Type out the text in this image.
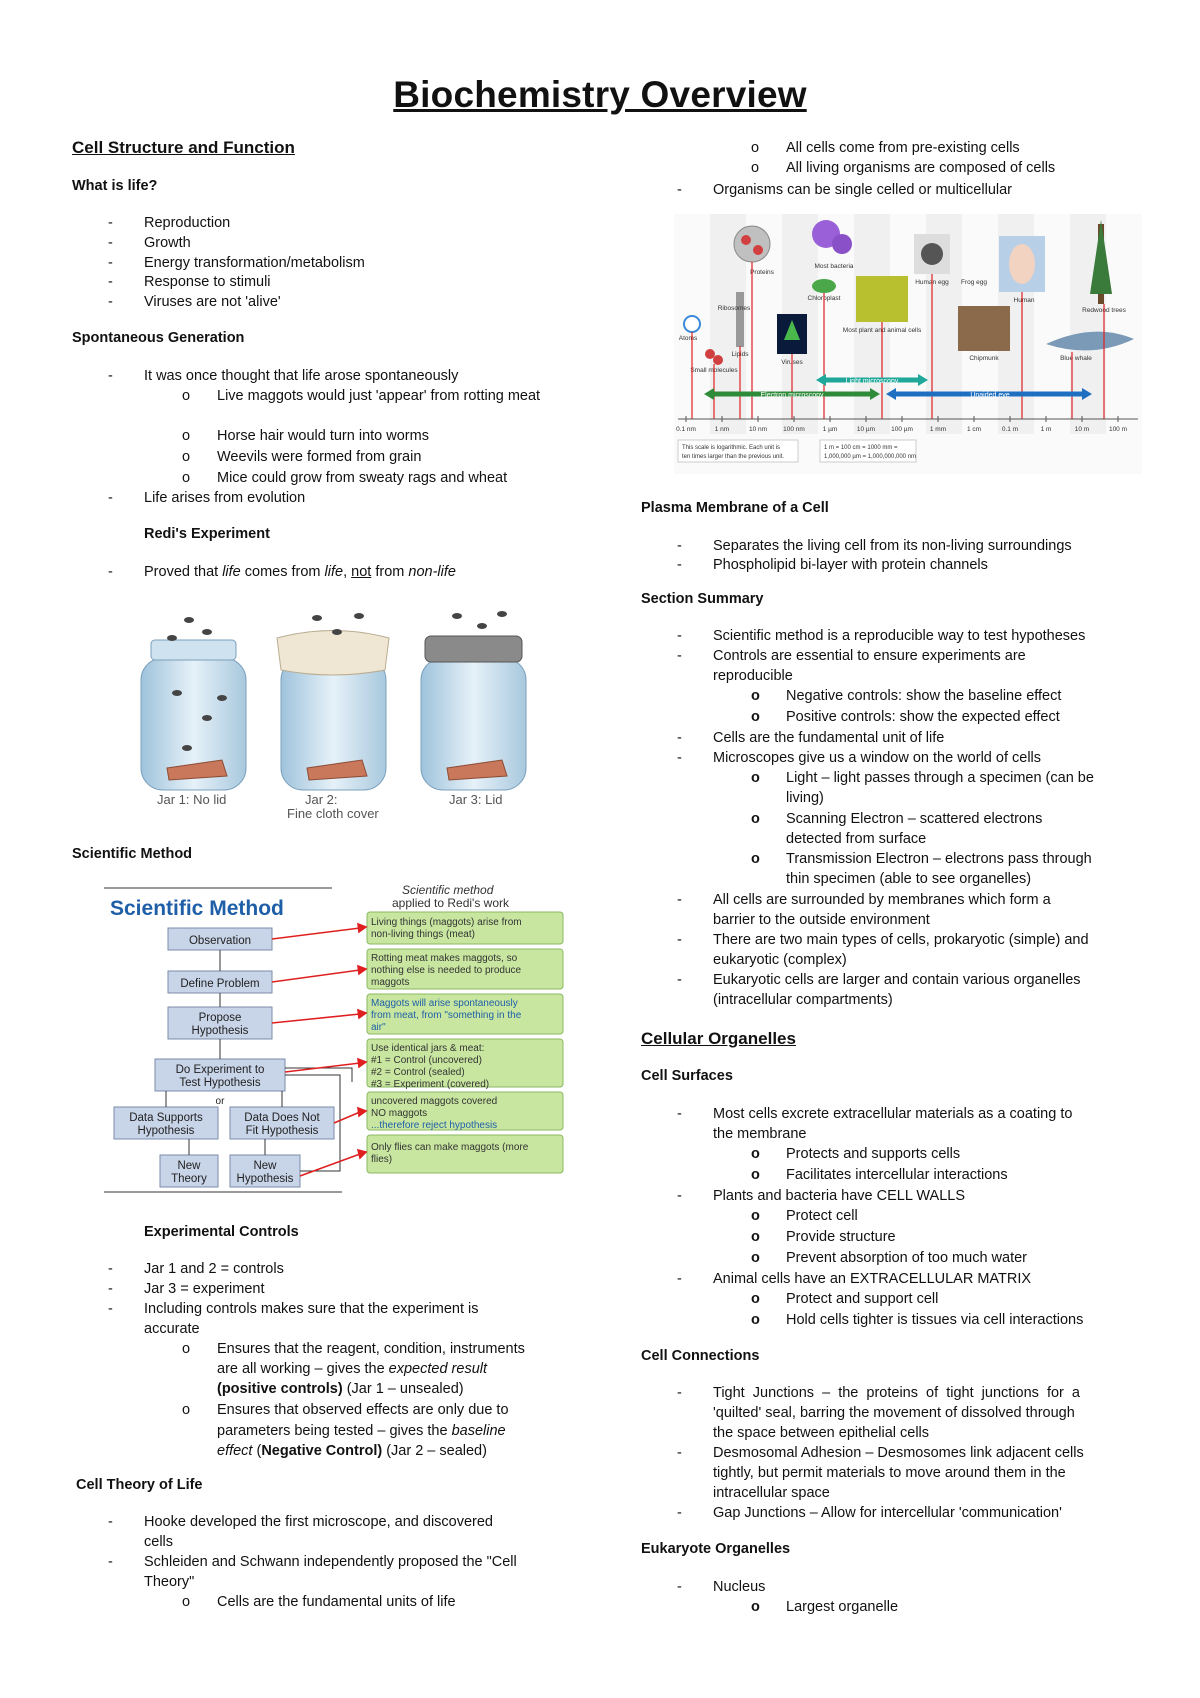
Biochemistry Overview
Cell Structure and Function
What is life?
- Reproduction
- Growth
- Energy transformation/metabolism
- Response to stimuli
- Viruses are not 'alive'
Spontaneous Generation
- It was once thought that life arose spontaneously
o Live maggots would just 'appear' from rotting meat
o Horse hair would turn into worms
o Weevils were formed from grain
o Mice could grow from sweaty rags and wheat
- Life arises from evolution
Redi's Experiment
- Proved that life comes from life, not from non-life
Jar 1: No lid	Jar 2:
Fine cloth cover
Jar 3: Lid
Scientific Method
Scientific Method
Scientific method
applied to Redi's work
Observation
Define Problem
Propose
Hypothesis
Do Experiment to
Test Hypothesis
or
Data Supports
Hypothesis
Data Does Not
Fit Hypothesis
New
Theory
New
Hypothesis
Living things (maggots) arise from
non-living things (meat)
Rotting meat makes maggots, so
nothing else is needed to produce
maggots
Maggots will arise spontaneously
from meat, from "something in the
air"
Use identical jars & meat:
#1 = Control (uncovered)
#2 = Control (sealed)
#3 = Experiment (covered)
uncovered maggots covered
NO maggots
...therefore reject hypothesis
Only flies can make maggots (more
flies)
Experimental Controls
- Jar 1 and 2 = controls
- Jar 3 = experiment
- Including controls makes sure that the experiment is
accurate
o Ensures that the reagent, condition, instruments
are all working – gives the expected result
(positive controls) (Jar 1 – unsealed)
o Ensures that observed effects are only due to
parameters being tested – gives the baseline
effect (Negative Control) (Jar 2 – sealed)
Cell Theory of Life
- Hooke developed the first microscope, and discovered
cells
- Schleiden and Schwann independently proposed the "Cell
Theory"
o Cells are the fundamental units of life
o All cells come from pre-existing cells
o All living organisms are composed of cells
- Organisms can be single celled or multicellular
Atoms
Small molecules
Lipids
Proteins
Ribosomes
Viruses
Most bacteria
Chloroplast
Most plant and animal cells
Human egg Frog egg
Chipmunk
Human
Blue whale
Redwood trees
Light microscopy
Electron microscopy	Unaided eye
0.1 nm	1 nm	10 nm 100 nm	1 µm	10 µm 100 µm	1 mm	1 cm	0.1 m	1 m	10 m	100 m
This scale is logarithmic. Each unit is
ten times larger than the previous unit.
1 m = 100 cm = 1000 mm =
1,000,000 µm = 1,000,000,000 nm
Plasma Membrane of a Cell
- Separates the living cell from its non-living surroundings
- Phospholipid bi-layer with protein channels
Section Summary
- Scientific method is a reproducible way to test hypotheses
- Controls are essential to ensure experiments are
reproducible
o Negative controls: show the baseline effect
o Positive controls: show the expected effect
- Cells are the fundamental unit of life
- Microscopes give us a window on the world of cells
o Light – light passes through a specimen (can be
living)
o Scanning Electron – scattered electrons
detected from surface
o Transmission Electron – electrons pass through
thin specimen (able to see organelles)
- All cells are surrounded by membranes which form a
barrier to the outside environment
- There are two main types of cells, prokaryotic (simple) and
eukaryotic (complex)
- Eukaryotic cells are larger and contain various organelles
(intracellular compartments)
Cellular Organelles
Cell Surfaces
- Most cells excrete extracellular materials as a coating to
the membrane
o Protects and supports cells
o Facilitates intercellular interactions
- Plants and bacteria have CELL WALLS
o Protect cell
o Provide structure
o Prevent absorption of too much water
- Animal cells have an EXTRACELLULAR MATRIX
o Protect and support cell
o Hold cells tighter is tissues via cell interactions
Cell Connections
- Tight  Junctions  –  the  proteins  of  tight  junctions  for  a
'quilted' seal, barring the movement of dissolved through
the space between epithelial cells
- Desmosomal Adhesion – Desmosomes link adjacent cells
tightly, but permit materials to move around them in the
intracellular space
- Gap Junctions – Allow for intercellular 'communication'
Eukaryote Organelles
- Nucleus
o Largest organelle
